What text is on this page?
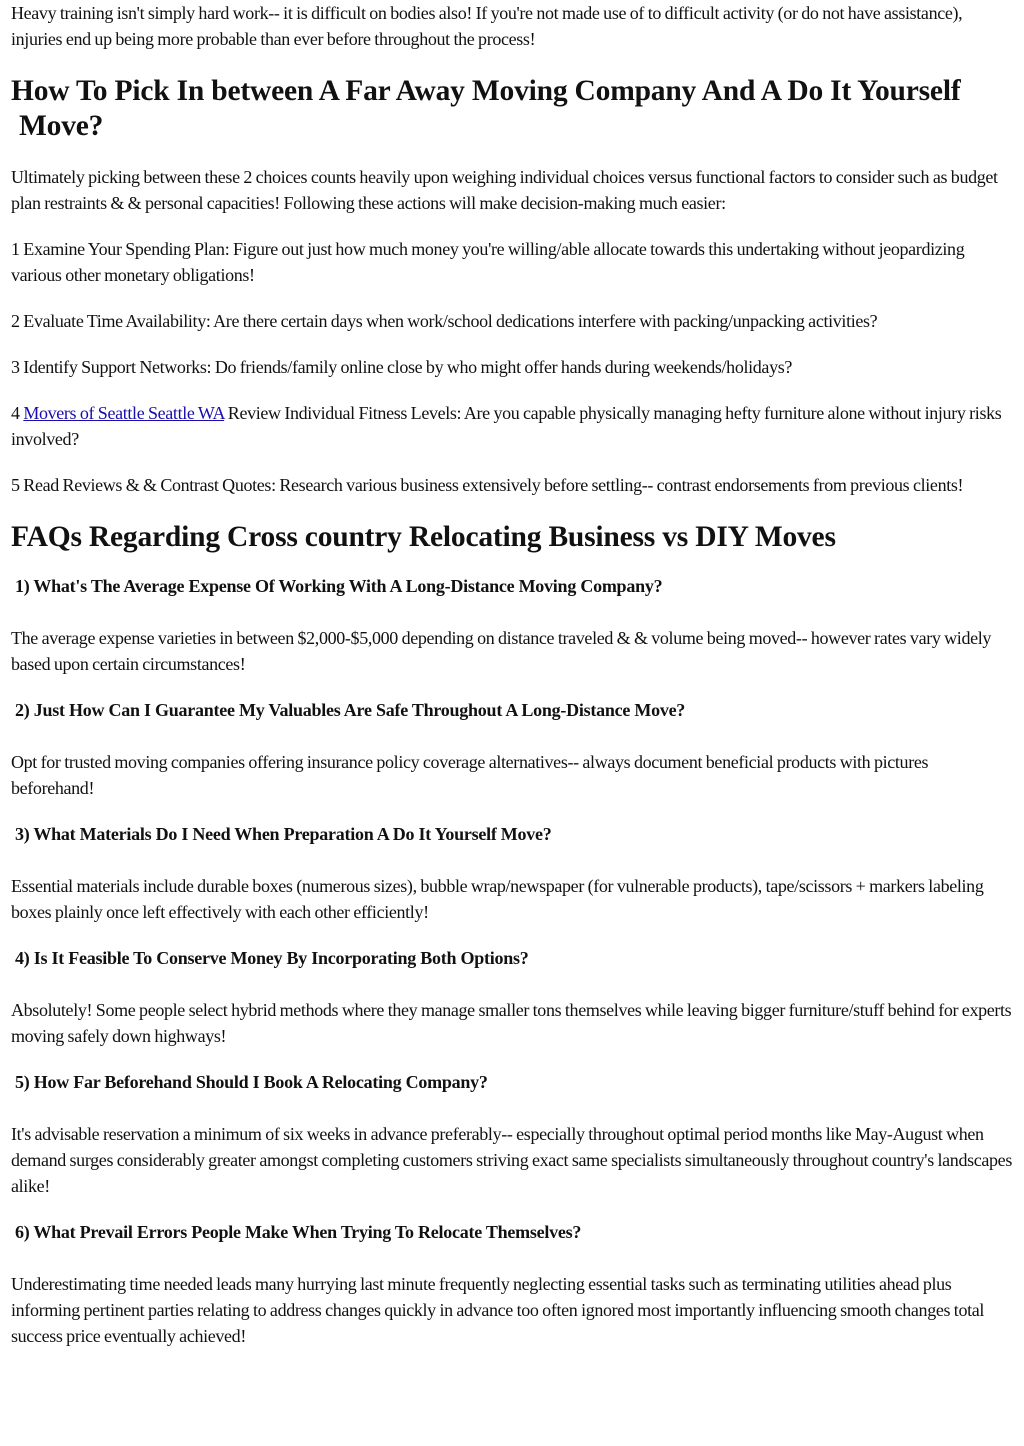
Heavy training isn't simply hard work-- it is difficult on bodies also! If you're not made use of to difficult activity (or do not have assistance), injuries end up being more probable than ever before throughout the process!

How To Pick In between A Far Away Moving Company And A Do It Yourself Move?

Ultimately picking between these 2 choices counts heavily upon weighing individual choices versus functional factors to consider such as budget plan restraints & & personal capacities! Following these actions will make decision-making much easier:

1 Examine Your Spending Plan: Figure out just how much money you're willing/able allocate towards this undertaking without jeopardizing various other monetary obligations!

2 Evaluate Time Availability: Are there certain days when work/school dedications interfere with packing/unpacking activities?

3 Identify Support Networks: Do friends/family online close by who might offer hands during weekends/holidays?

4 Movers of Seattle Seattle WA Review Individual Fitness Levels: Are you capable physically managing hefty furniture alone without injury risks involved?

5 Read Reviews & & Contrast Quotes: Research various business extensively before settling-- contrast endorsements from previous clients!

FAQs Regarding Cross country Relocating Business vs DIY Moves
1) What's The Average Expense Of Working With A Long-Distance Moving Company?

The average expense varieties in between $2,000-$5,000 depending on distance traveled & & volume being moved-- however rates vary widely based upon certain circumstances!

2) Just How Can I Guarantee My Valuables Are Safe Throughout A Long-Distance Move?

Opt for trusted moving companies offering insurance policy coverage alternatives-- always document beneficial products with pictures beforehand!

3) What Materials Do I Need When Preparation A Do It Yourself Move?

Essential materials include durable boxes (numerous sizes), bubble wrap/newspaper (for vulnerable products), tape/scissors + markers labeling boxes plainly once left effectively with each other efficiently!

4) Is It Feasible To Conserve Money By Incorporating Both Options?

Absolutely! Some people select hybrid methods where they manage smaller tons themselves while leaving bigger furniture/stuff behind for experts moving safely down highways!

5) How Far Beforehand Should I Book A Relocating Company?

It's advisable reservation a minimum of six weeks in advance preferably-- especially throughout optimal period months like May-August when demand surges considerably greater amongst completing customers striving exact same specialists simultaneously throughout country's landscapes alike!

6) What Prevail Errors People Make When Trying To Relocate Themselves?

Underestimating time needed leads many hurrying last minute frequently neglecting essential tasks such as terminating utilities ahead plus informing pertinent parties relating to address changes quickly in advance too often ignored most importantly influencing smooth changes total success price eventually achieved!
